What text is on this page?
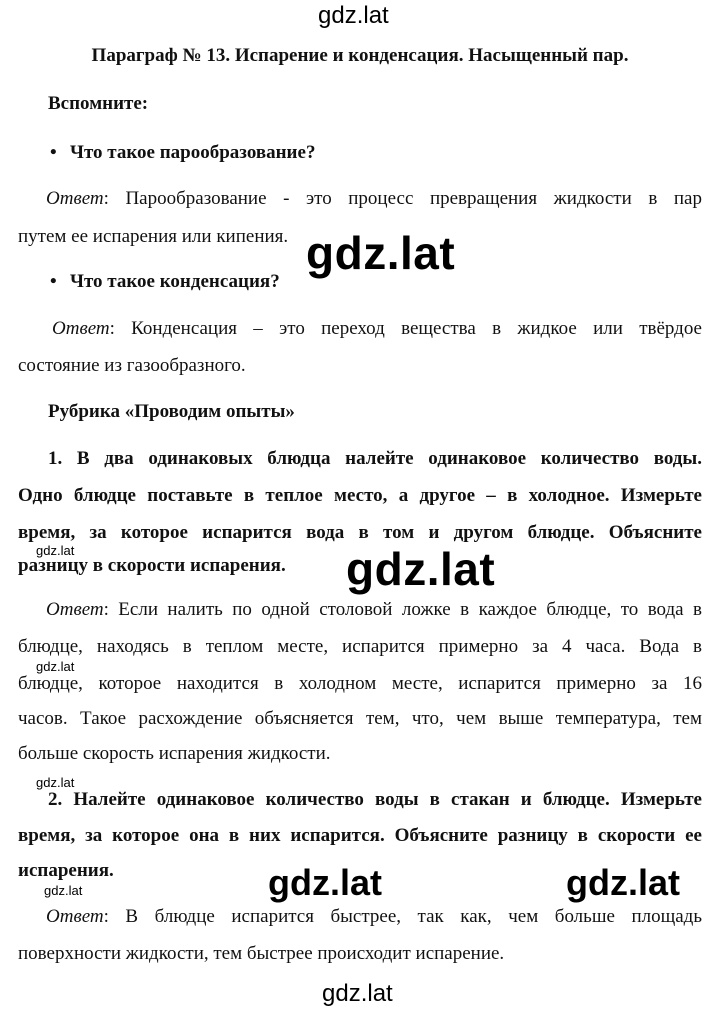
gdz.lat
gdz.lat
gdz.lat
gdz.lat	gdz.lat
gdz.lat
gdz.lat
gdz.lat
gdz.lat
gdz.lat
Параграф № 13. Испарение и конденсация. Насыщенный пар.
Вспомните:
• Что такое парообразование?
Ответ: Парообразование - это процесс превращения жидкости в пар
путем ее испарения или кипения.
• Что такое конденсация?
Ответ: Конденсация – это переход вещества в жидкое или твёрдое
состояние из газообразного.
Рубрика «Проводим опыты»
1. В два одинаковых блюдца налейте одинаковое количество воды.
Одно блюдце поставьте в теплое место, а другое – в холодное. Измерьте
время, за которое испарится вода в том и другом блюдце. Объясните
разницу в скорости испарения.
Ответ: Если налить по одной столовой ложке в каждое блюдце, то вода в
блюдце, находясь в теплом месте, испарится примерно за 4 часа. Вода в
блюдце, которое находится в холодном месте, испарится примерно за 16
часов. Такое расхождение объясняется тем, что, чем выше температура, тем
больше скорость испарения жидкости.
2. Налейте одинаковое количество воды в стакан и блюдце. Измерьте
время, за которое она в них испарится. Объясните разницу в скорости ее
испарения.
Ответ: В блюдце испарится быстрее, так как, чем больше площадь
поверхности жидкости, тем быстрее происходит испарение.
